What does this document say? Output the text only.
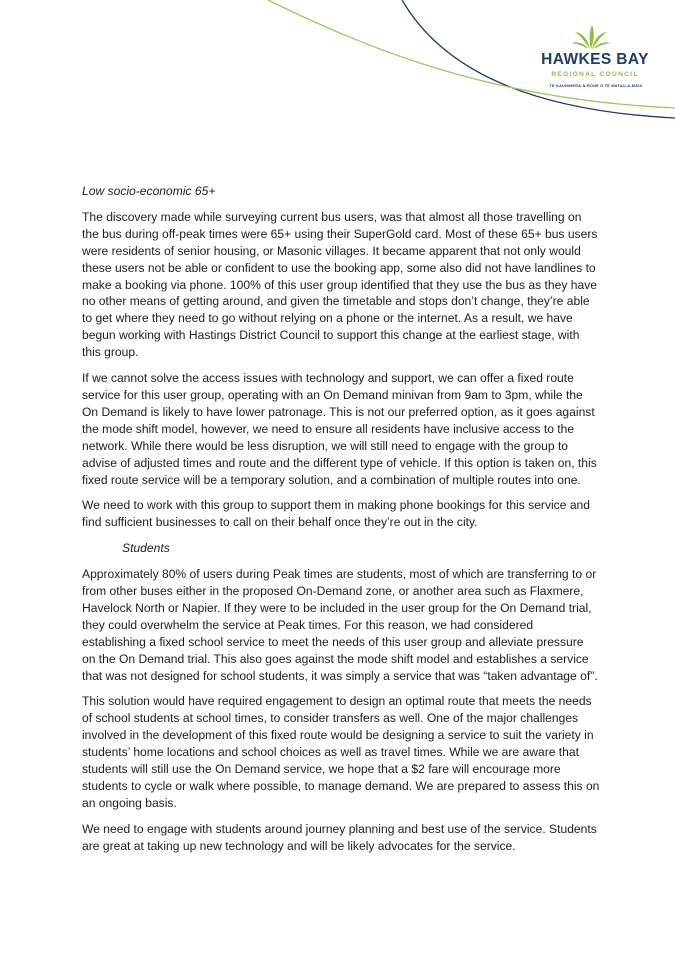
HAWKES BAY
REGIONAL COUNCIL
TE KAUNIHERA Ā-ROHE O TE MATAU-A-MĀUI

Low socio-economic 65+

The discovery made while surveying current bus users, was that almost all those travelling on the bus during off-peak times were 65+ using their SuperGold card. Most of these 65+ bus users were residents of senior housing, or Masonic villages. It became apparent that not only would these users not be able or confident to use the booking app, some also did not have landlines to make a booking via phone. 100% of this user group identified that they use the bus as they have no other means of getting around, and given the timetable and stops don’t change, they’re able to get where they need to go without relying on a phone or the internet. As a result, we have begun working with Hastings District Council to support this change at the earliest stage, with this group.

If we cannot solve the access issues with technology and support, we can offer a fixed route service for this user group, operating with an On Demand minivan from 9am to 3pm, while the On Demand is likely to have lower patronage. This is not our preferred option, as it goes against the mode shift model, however, we need to ensure all residents have inclusive access to the network. While there would be less disruption, we will still need to engage with the group to advise of adjusted times and route and the different type of vehicle. If this option is taken on, this fixed route service will be a temporary solution, and a combination of multiple routes into one.

We need to work with this group to support them in making phone bookings for this service and find sufficient businesses to call on their behalf once they’re out in the city.

Students

Approximately 80% of users during Peak times are students, most of which are transferring to or from other buses either in the proposed On-Demand zone, or another area such as Flaxmere, Havelock North or Napier. If they were to be included in the user group for the On Demand trial, they could overwhelm the service at Peak times. For this reason, we had considered establishing a fixed school service to meet the needs of this user group and alleviate pressure on the On Demand trial. This also goes against the mode shift model and establishes a service that was not designed for school students, it was simply a service that was “taken advantage of”.

This solution would have required engagement to design an optimal route that meets the needs of school students at school times, to consider transfers as well. One of the major challenges involved in the development of this fixed route would be designing a service to suit the variety in students’ home locations and school choices as well as travel times. While we are aware that students will still use the On Demand service, we hope that a $2 fare will encourage more students to cycle or walk where possible, to manage demand. We are prepared to assess this on an ongoing basis.

We need to engage with students around journey planning and best use of the service. Students are great at taking up new technology and will be likely advocates for the service.
